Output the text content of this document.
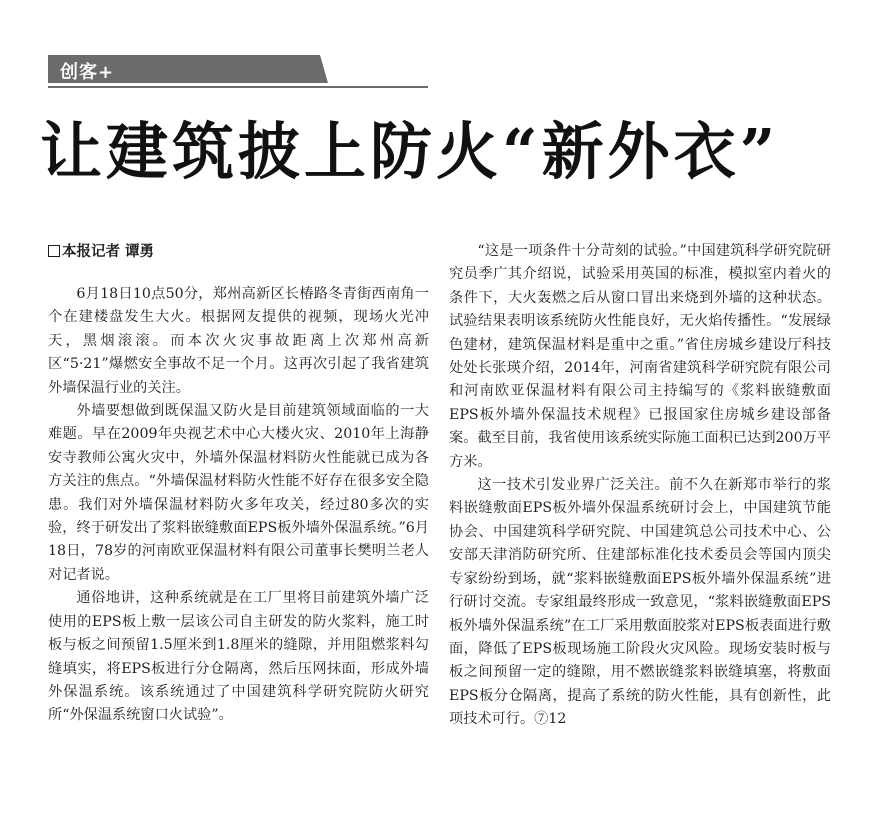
创客+
让建筑披上防火“新外衣”
本报记者 谭勇

6月18日10点50分，郑州高新区长椿路冬青街西南角一个在建楼盘发生大火。根据网友提供的视频，现场火光冲天，黑烟滚滚。而本次火灾事故距离上次郑州高新区“5·21”爆燃安全事故不足一个月。这再次引起了我省建筑外墙保温行业的关注。

外墙要想做到既保温又防火是目前建筑领域面临的一大难题。早在2009年央视艺术中心大楼火灾、2010年上海静安寺教师公寓火灾中，外墙外保温材料防火性能就已成为各方关注的焦点。“外墙保温材料防火性能不好存在很多安全隐患。我们对外墙保温材料防火多年攻关，经过80多次的实验，终于研发出了浆料嵌缝敷面EPS板外墙外保温系统。”6月18日，78岁的河南欧亚保温材料有限公司董事长樊明兰老人对记者说。

通俗地讲，这种系统就是在工厂里将目前建筑外墙广泛使用的EPS板上敷一层该公司自主研发的防火浆料，施工时板与板之间预留1.5厘米到1.8厘米的缝隙，并用阻燃浆料勾缝填实，将EPS板进行分仓隔离，然后压网抹面，形成外墙外保温系统。该系统通过了中国建筑科学研究院防火研究所“外保温系统窗口火试验”。

“这是一项条件十分苛刻的试验。”中国建筑科学研究院研究员季广其介绍说，试验采用英国的标准，模拟室内着火的条件下，大火轰燃之后从窗口冒出来烧到外墙的这种状态。试验结果表明该系统防火性能良好，无火焰传播性。“发展绿色建材，建筑保温材料是重中之重。”省住房城乡建设厅科技处处长张瑛介绍，2014年，河南省建筑科学研究院有限公司和河南欧亚保温材料有限公司主持编写的《浆料嵌缝敷面EPS板外墙外保温技术规程》已报国家住房城乡建设部备案。截至目前，我省使用该系统实际施工面积已达到200万平方米。

这一技术引发业界广泛关注。前不久在新郑市举行的浆料嵌缝敷面EPS板外墙外保温系统研讨会上，中国建筑节能协会、中国建筑科学研究院、中国建筑总公司技术中心、公安部天津消防研究所、住建部标准化技术委员会等国内顶尖专家纷纷到场，就“浆料嵌缝敷面EPS板外墙外保温系统”进行研讨交流。专家组最终形成一致意见，“浆料嵌缝敷面EPS板外墙外保温系统”在工厂采用敷面胶浆对EPS板表面进行敷面，降低了EPS板现场施工阶段火灾风险。现场安装时板与板之间预留一定的缝隙，用不燃嵌缝浆料嵌缝填塞，将敷面EPS板分仓隔离，提高了系统的防火性能，具有创新性，此项技术可行。⑦12
